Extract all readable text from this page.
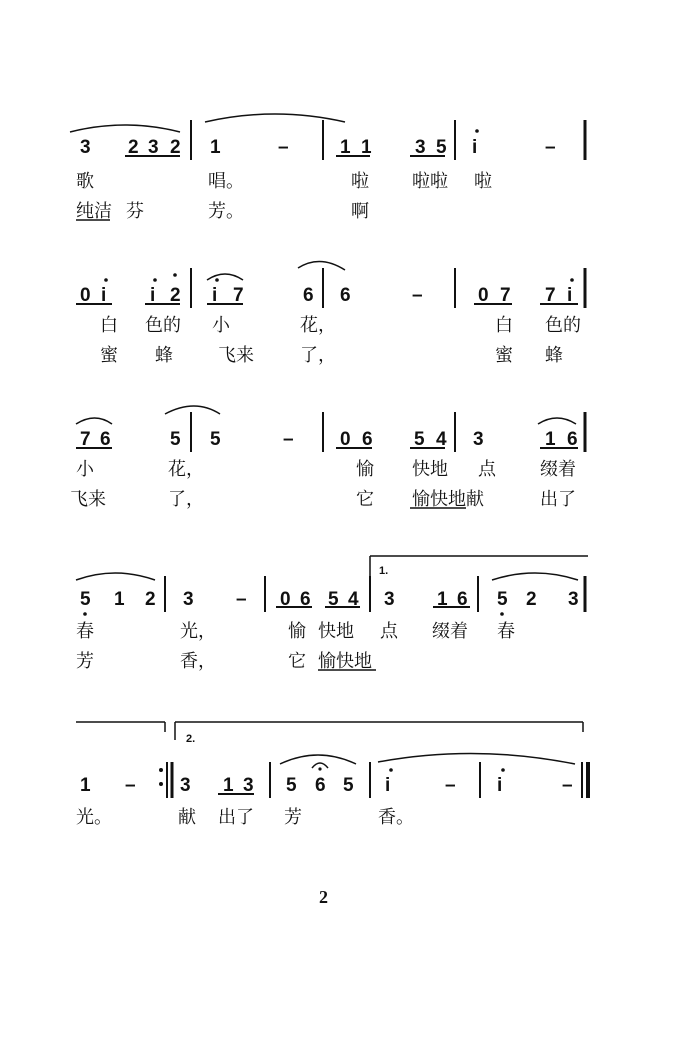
3 2 3 2 1	–	1 1 3 5 i	–
歌	唱。	啦 啦啦 啦
纯洁 芬	芳。	啊
0 i i 2 i 7	6 6	–	0 7 7 i
白 色的 小	花，	白 色的
蜜 蜂	飞来	了，	蜜 蜂
7 6	5 5	– 0 6 5 4 3	1 6
小	花，	愉 快地 点 缀着
飞来	了，	它 愉快地献	出了
1.
5 1 2 3 – 0 6 5 4 3 1 6 5 2 3
春	光，	愉 快地 点 缀着 春
芳	香，	它 愉快地
2.
1 – 3 1 3 5 6 5 i	– i	–
光。	献 出了 芳	香。
2
